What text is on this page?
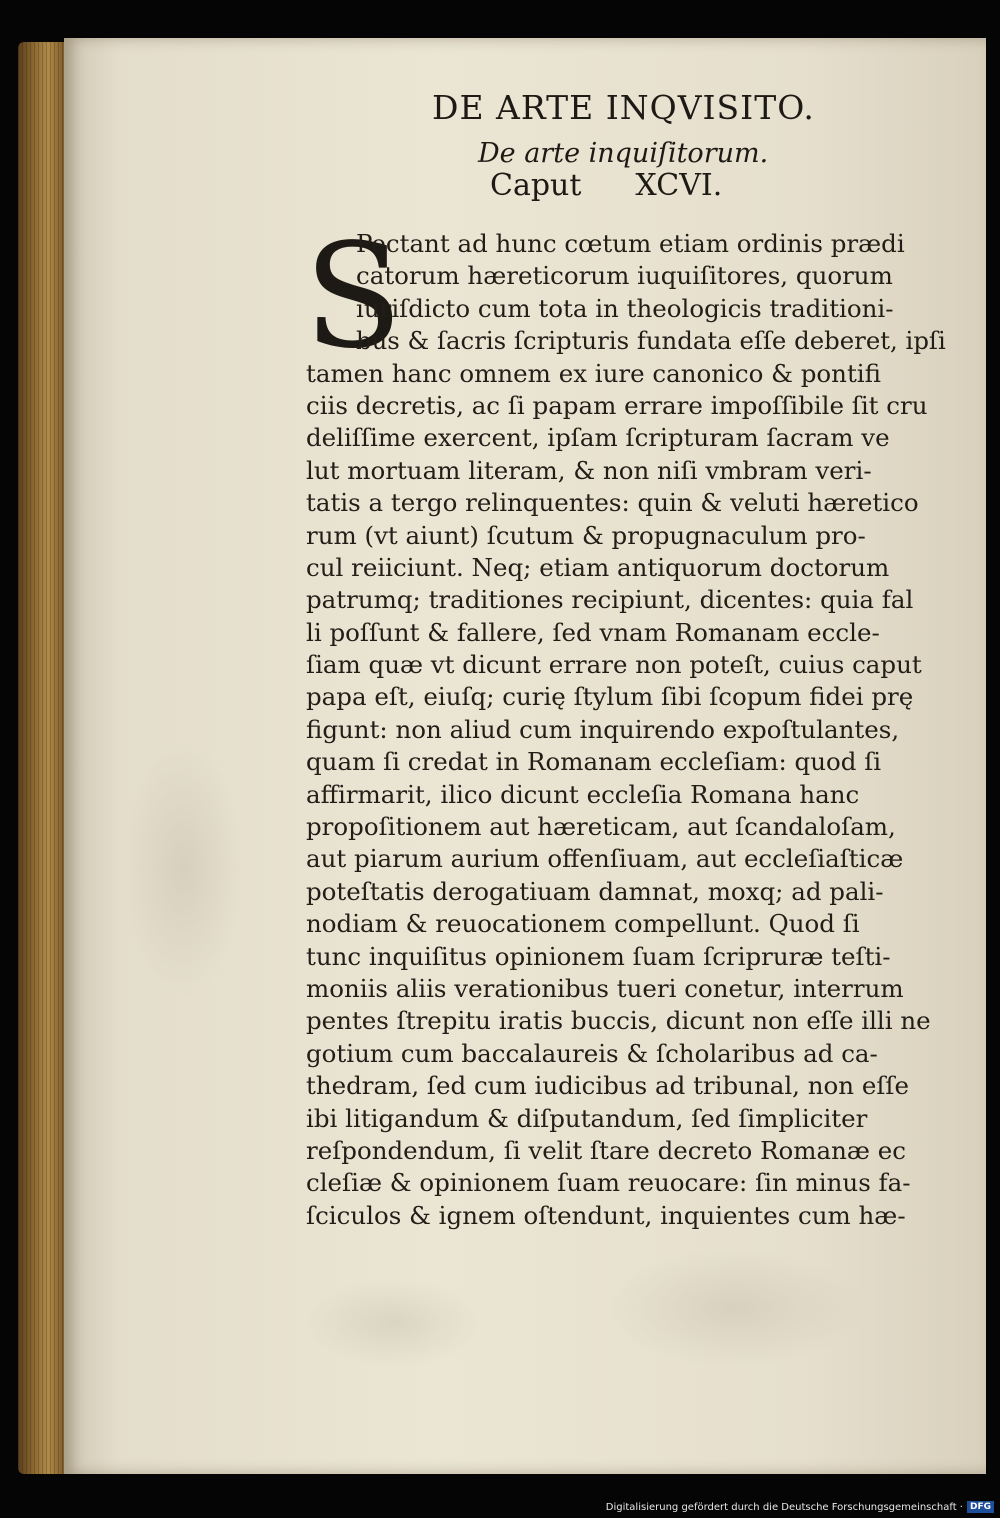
DE ARTE INQVISITO.
De arte inquiſitorum.
Caput XCVI.
S
Pectant ad hunc cœtum etiam ordinis prædi
catorum hæreticorum iuquiſitores, quorum
iuriſdicto cum tota in theologicis traditioni-
bus & ſacris ſcripturis fundata eſſe deberet, ipſi
tamen hanc omnem ex iure canonico & pontifi
ciis decretis, ac ſi papam errare impoſſibile ſit cru
deliſſime exercent, ipſam ſcripturam ſacram ve
lut mortuam literam, & non niſi vmbram veri-
tatis a tergo relinquentes: quin & veluti hæretico
rum (vt aiunt) ſcutum & propugnaculum pro-
cul reiiciunt. Neq; etiam antiquorum doctorum
patrumq; traditiones recipiunt, dicentes: quia fal
li poſſunt & fallere, ſed vnam Romanam eccle-
ſiam quæ vt dicunt errare non poteſt, cuius caput
papa eſt, eiuſq; curię ſtylum ſibi ſcopum fidei prę
figunt: non aliud cum inquirendo expoſtulantes,
quam ſi credat in Romanam eccleſiam: quod ſi
affirmarit, ilico dicunt eccleſia Romana hanc
propoſitionem aut hæreticam, aut ſcandaloſam,
aut piarum aurium offenſiuam, aut eccleſiaſticæ
poteſtatis derogatiuam damnat, moxq; ad pali-
nodiam & reuocationem compellunt. Quod ſi
tunc inquiſitus opinionem ſuam ſcripruræ teſti-
moniis aliis verationibus tueri conetur, interrum
pentes ſtrepitu iratis buccis, dicunt non eſſe illi ne
gotium cum baccalaureis & ſcholaribus ad ca-
thedram, ſed cum iudicibus ad tribunal, non eſſe
ibi litigandum & diſputandum, ſed ſimpliciter
reſpondendum, ſi velit ſtare decreto Romanæ ec
cleſiæ & opinionem ſuam reuocare: ſin minus fa-
ſciculos & ignem oſtendunt, inquientes cum hæ-
Digitalisierung gefördert durch die Deutsche Forschungsgemeinschaft · DFG
